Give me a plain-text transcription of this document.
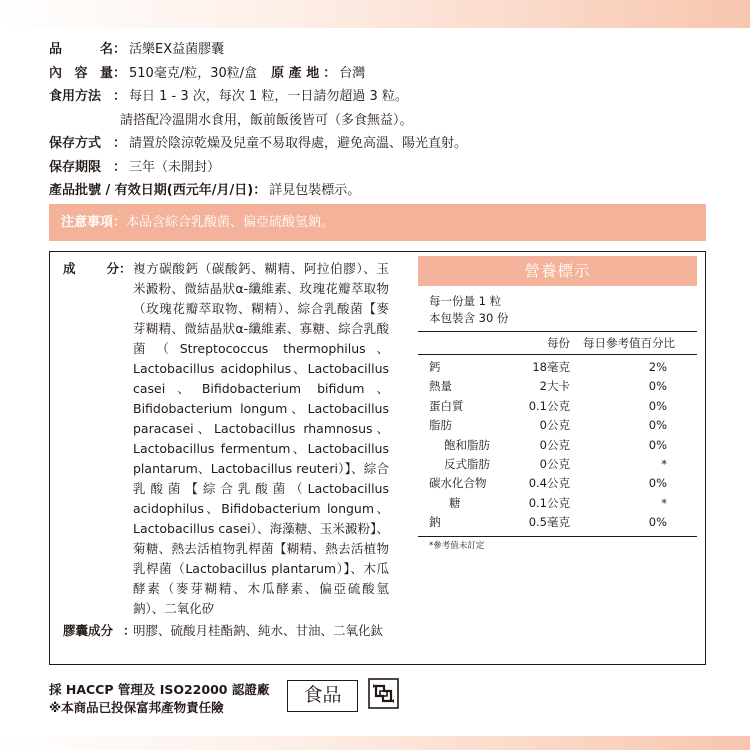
品	名 ： 活樂EX益菌膠囊
內 容 量 ： 510毫克/粒，30粒/盒 原 產 地 ： 台灣
食用方法 ： 每日 1 - 3 次，每次 1 粒，一日請勿超過 3 粒。
請搭配冷溫開水食用，飯前飯後皆可（多食無益）。
保存方式 ： 請置於陰涼乾燥及兒童不易取得處，避免高溫、陽光直射。
保存期限 ： 三年（未開封）
產品批號 / 有效日期(西元年/月/日) ： 詳見包裝標示。
注意事項：本品含綜合乳酸菌、偏亞硫酸氫鈉。
成 分 ： 複方碳酸鈣（碳酸鈣、糊精、阿拉伯膠）、玉米澱粉、微結晶狀α-纖維素、玫瑰花瓣萃取物（玫瑰花瓣萃取物、糊精）、綜合乳酸菌【麥芽糊精、微結晶狀α-纖維素、寡糖、綜合乳酸菌（Streptococcus thermophilus、Lactobacillus acidophilus、Lactobacillus casei、Bifidobacterium bifidum、Bifidobacterium longum、Lactobacillus paracasei、Lactobacillus rhamnosus、Lactobacillus fermentum、Lactobacillus plantarum、Lactobacillus reuteri）】、綜合乳酸菌【綜合乳酸菌（Lactobacillus acidophilus、Bifidobacterium longum、Lactobacillus casei）、海藻糖、玉米澱粉】、菊糖、熱去活植物乳桿菌【糊精、熱去活植物乳桿菌（Lactobacillus plantarum）】、木瓜酵素（麥芽糊精、木瓜酵素、偏亞硫酸氫鈉）、二氧化矽
膠囊成分 ：
明膠、硫酸月桂酯鈉、純水、甘油、二氧化鈦
營養標示
每一份量 1 粒
本包裝含 30 份
每份	每日參考值百分比
鈣	18毫克	2%
熱量	2大卡	0%
蛋白質	0.1公克	0%
脂肪	0公克	0%
飽和脂肪	0公克	0%
反式脂肪	0公克	*
碳水化合物	0.4公克	0%
糖	0.1公克	*
鈉	0.5毫克	0%
*參考值未訂定
採 HACCP 管理及 ISO22000 認證廠
※本商品已投保富邦產物責任險
食品
